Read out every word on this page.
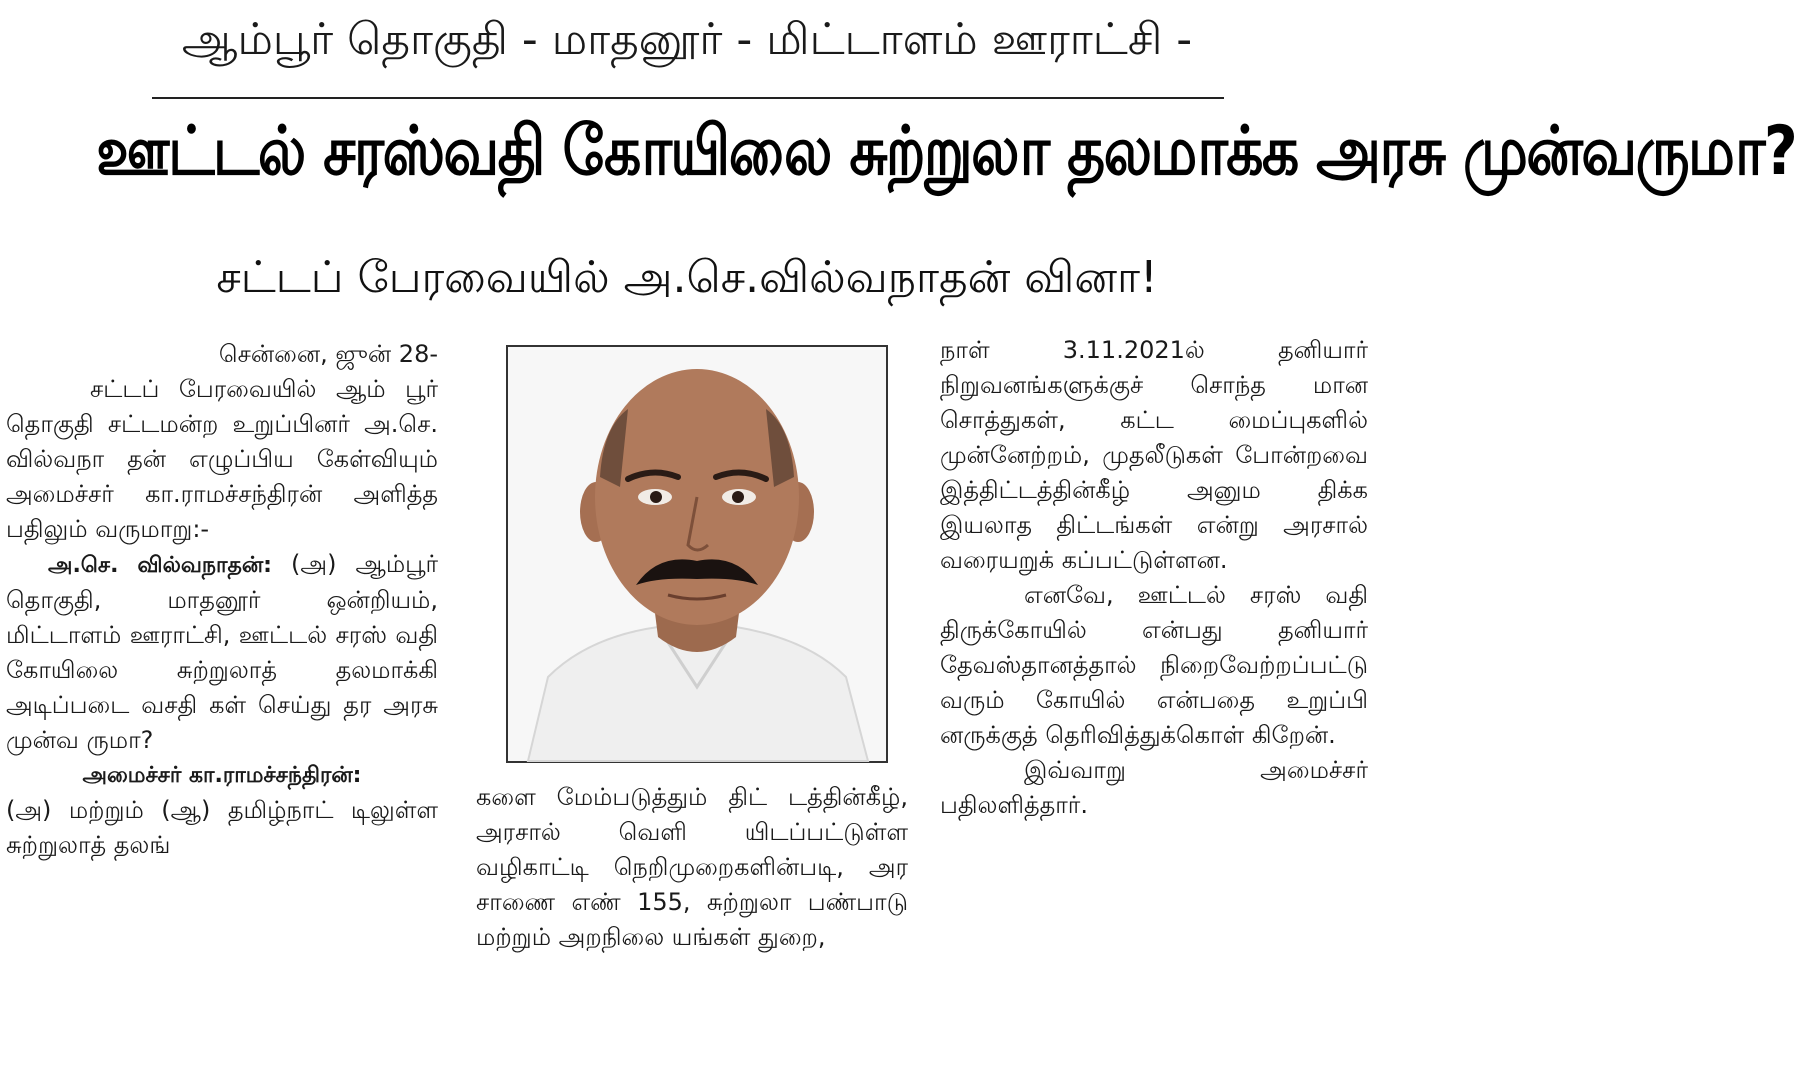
ஆம்பூர் தொகுதி - மாதனூர் - மிட்டாளம் ஊராட்சி -
ஊட்டல் சரஸ்வதி கோயிலை சுற்றுலா தலமாக்க அரசு முன்வருமா?
சட்டப் பேரவையில் அ.செ.வில்வநாதன் வினா!

சென்னை, ஜுன் 28-

சட்டப் பேரவையில் ஆம் பூர் தொகுதி சட்டமன்ற உறுப்பினர் அ.செ. வில்வநா தன் எழுப்பிய கேள்வியும் அமைச்சர் கா.ராமச்சந்திரன் அளித்த பதிலும் வருமாறு:-

அ.செ. வில்வநாதன்: (அ) ஆம்பூர் தொகுதி, மாதனூர் ஒன்றியம், மிட்டாளம் ஊராட்சி, ஊட்டல் சரஸ் வதி கோயிலை சுற்றுலாத் தலமாக்கி அடிப்படை வசதி கள் செய்து தர அரசு முன்வ ருமா?

அமைச்சர் கா.ராமச்சந்திரன்:

(அ) மற்றும் (ஆ) தமிழ்நாட் டிலுள்ள சுற்றுலாத் தலங்

களை மேம்படுத்தும் திட் டத்தின்கீழ், அரசால் வெளி யிடப்பட்டுள்ள வழிகாட்டி நெறிமுறைகளின்படி, அர சாணை எண் 155, சுற்றுலா பண்பாடு மற்றும் அறநிலை யங்கள் துறை,

நாள் 3.11.2021ல் தனியார் நிறுவனங்களுக்குச் சொந்த மான சொத்துகள், கட்ட மைப்புகளில் முன்னேற்றம், முதலீடுகள் போன்றவை இத்திட்டத்தின்கீழ் அனும திக்க இயலாத திட்டங்கள் என்று அரசால் வரையறுக் கப்பட்டுள்ளன.

எனவே, ஊட்டல் சரஸ் வதி திருக்கோயில் என்பது தனியார் தேவஸ்தானத்தால் நிறைவேற்றப்பட்டு வரும் கோயில் என்பதை உறுப்பி னருக்குத் தெரிவித்துக்கொள் கிறேன்.

இவ்வாறு அமைச்சர் பதிலளித்தார்.
